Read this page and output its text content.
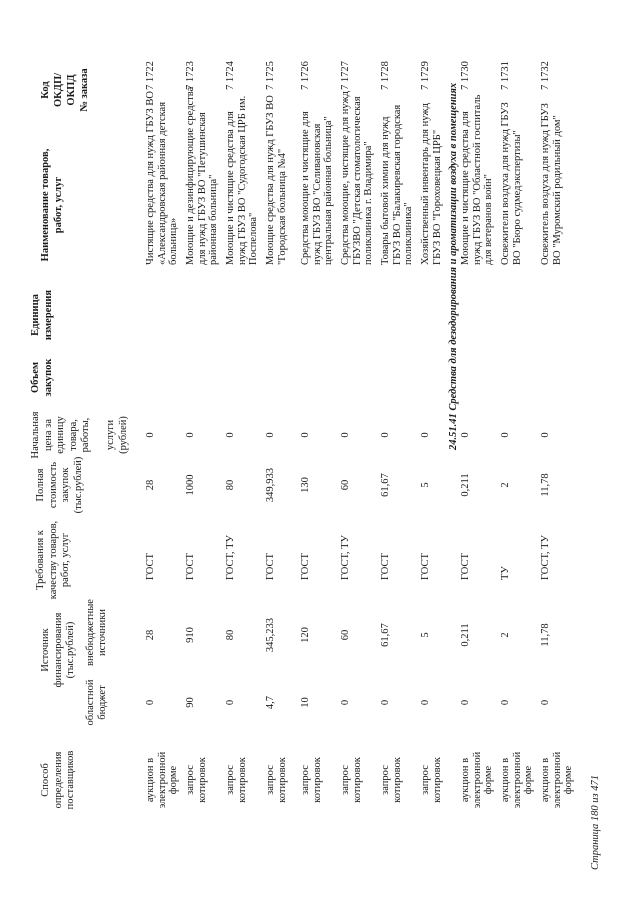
Код ОКДП/ ОКПД № заказа
Наименование товаров, работ, услуг
Единица измерения
Объем закупок
Начальная цена за единицу товара, работы, услуги (рублей)
Полная стоимость закупок (тыс.рублей)
Требования к качеству товаров, работ, услуг
Источник финансирования (тыс.рублей)
областной бюджет
внебюджетные источники
Способ определения поставщиков
7 1722
Чистящие средства для нужд ГБУЗ ВО «Александровская районная детская больница»
0
28
ГОСТ
0
28
аукцион в электронной форме
7 1723
Моющие и дезинфицирующие средства для нужд ГБУЗ ВО "Петушинская районная больница"
0
1000
ГОСТ
90
910
запрос котировок
7 1724
Моющие и чистящие средства для нужд ГБУЗ ВО "Судогодская ЦРБ им. Поспелова"
0
80
ГОСТ, ТУ
0
80
запрос котировок
7 1725
Моющие средства для нужд ГБУЗ ВО "Городская больница №4"
0
349,933
ГОСТ
4,7
345,233
запрос котировок
7 1726
Средства моющие и чистящие для нужд ГБУЗ ВО "Селивановская центральная районная больница"
0
130
ГОСТ
10
120
запрос котировок
7 1727
Средства моющие, чистящие для нужд ГБУЗВО "Детская стоматологическая поликлиника г. Владимира"
0
60
ГОСТ, ТУ
0
60
запрос котировок
7 1728
Товары бытовой химии для нужд ГБУЗ ВО "Балакиревская городская поликлиника"
0
61,67
ГОСТ
0
61,67
запрос котировок
7 1729
Хозяйственный инвентарь для нужд ГБУЗ ВО "Гороховецкая ЦРБ"
0
5
ГОСТ
0
5
запрос котировок
7 1730
Моющие и чистящие средства для нужд ГБУЗ ВО "Областной госпиталь для ветеранов войн"
0
0,211
ГОСТ
0
0,211
аукцион в электронной форме
7 1731
Освежители воздуха для нужд ГБУЗ ВО "Бюро судмедэкспертизы"
0
2
ТУ
0
2
аукцион в электронной форме
7 1732
Освежитель воздуха для нужд ГБУЗ ВО "Муромский родильный дом"
0
11,78
ГОСТ, ТУ
0
11,78
аукцион в электронной форме
24.51.41 Средства для дезодорирования и ароматизации воздуха в помещениях
Страница 180 из 471
